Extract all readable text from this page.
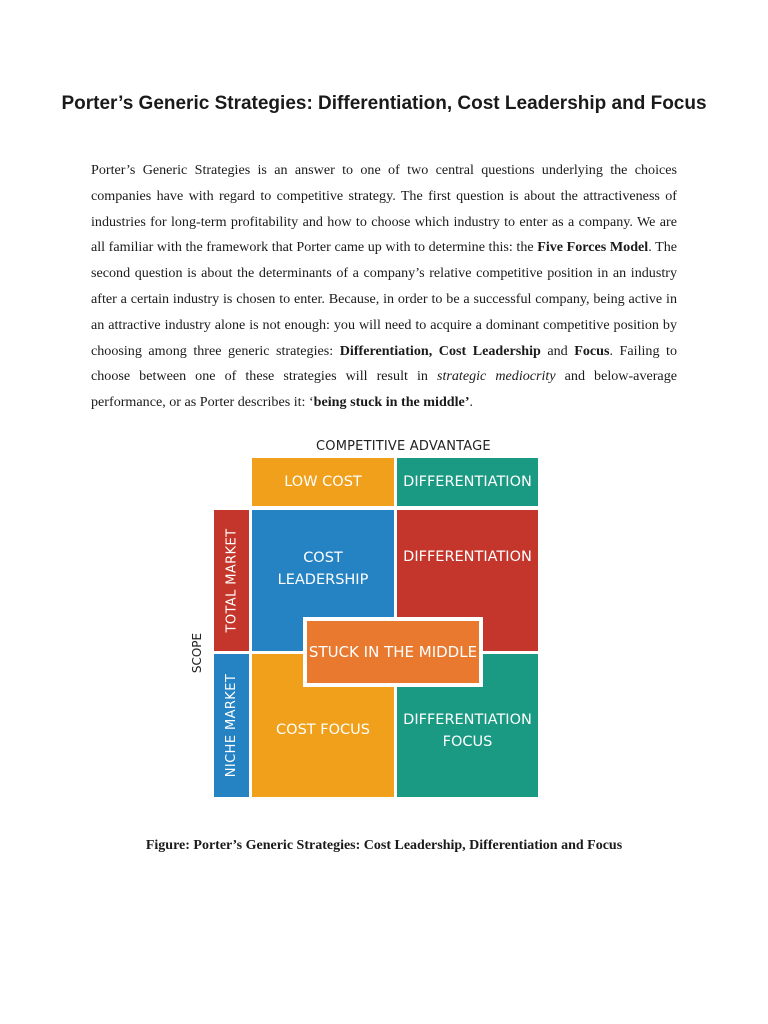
Porter’s Generic Strategies: Differentiation, Cost Leadership and Focus

Porter’s Generic Strategies is an answer to one of two central questions underlying the choices companies have with regard to competitive strategy. The first question is about the attractiveness of industries for long-term profitability and how to choose which industry to enter as a company. We are all familiar with the framework that Porter came up with to determine this: the Five Forces Model. The second question is about the determinants of a company’s relative competitive position in an industry after a certain industry is chosen to enter. Because, in order to be a successful company, being active in an attractive industry alone is not enough: you will need to acquire a dominant competitive position by choosing among three generic strategies: Differentiation, Cost Leadership and Focus. Failing to choose between one of these strategies will result in strategic mediocrity and below-average performance, or as Porter describes it: ‘being stuck in the middle’.

COMPETITIVE ADVANTAGE
SCOPE
LOW COST	DIFFERENTIATION
TOTAL MARKET
NICHE MARKET
COST
LEADERSHIP
DIFFERENTIATION
COST FOCUS
DIFFERENTIATION
FOCUS
STUCK IN THE MIDDLE

Figure: Porter’s Generic Strategies: Cost Leadership, Differentiation and Focus
